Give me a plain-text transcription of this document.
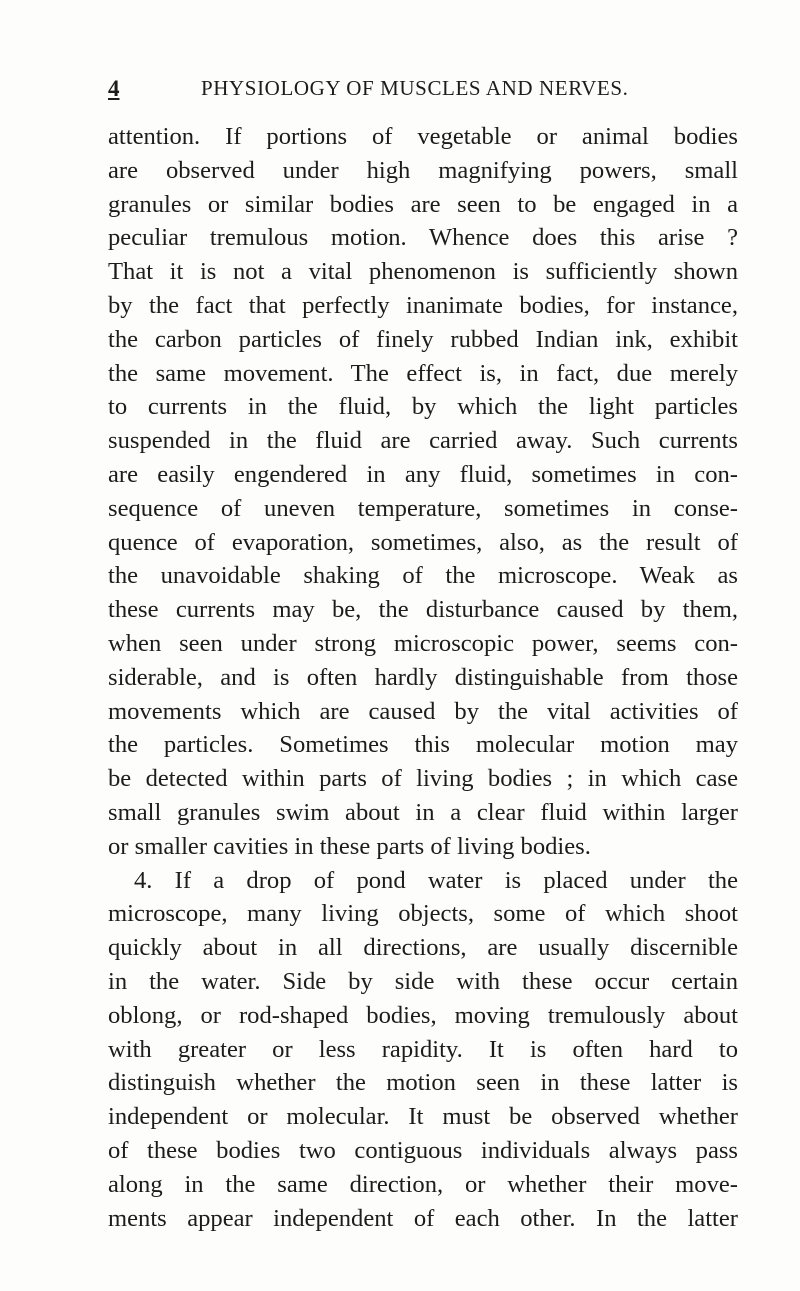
4	PHYSIOLOGY OF MUSCLES AND NERVES.
attention. If portions of vegetable or animal bodies
are observed under high magnifying powers, small
granules or similar bodies are seen to be engaged in a
peculiar tremulous motion. Whence does this arise ?
That it is not a vital phenomenon is sufficiently shown
by the fact that perfectly inanimate bodies, for instance,
the carbon particles of finely rubbed Indian ink, exhibit
the same movement. The effect is, in fact, due merely
to currents in the fluid, by which the light particles
suspended in the fluid are carried away. Such currents
are easily engendered in any fluid, sometimes in con-
sequence of uneven temperature, sometimes in conse-
quence of evaporation, sometimes, also, as the result of
the unavoidable shaking of the microscope. Weak as
these currents may be, the disturbance caused by them,
when seen under strong microscopic power, seems con-
siderable, and is often hardly distinguishable from those
movements which are caused by the vital activities of
the particles. Sometimes this molecular motion may
be detected within parts of living bodies ; in which case
small granules swim about in a clear fluid within larger
or smaller cavities in these parts of living bodies.
4. If a drop of pond water is placed under the
microscope, many living objects, some of which shoot
quickly about in all directions, are usually discernible
in the water. Side by side with these occur certain
oblong, or rod-shaped bodies, moving tremulously about
with greater or less rapidity. It is often hard to
distinguish whether the motion seen in these latter is
independent or molecular. It must be observed whether
of these bodies two contiguous individuals always pass
along in the same direction, or whether their move-
ments appear independent of each other. In the latter
